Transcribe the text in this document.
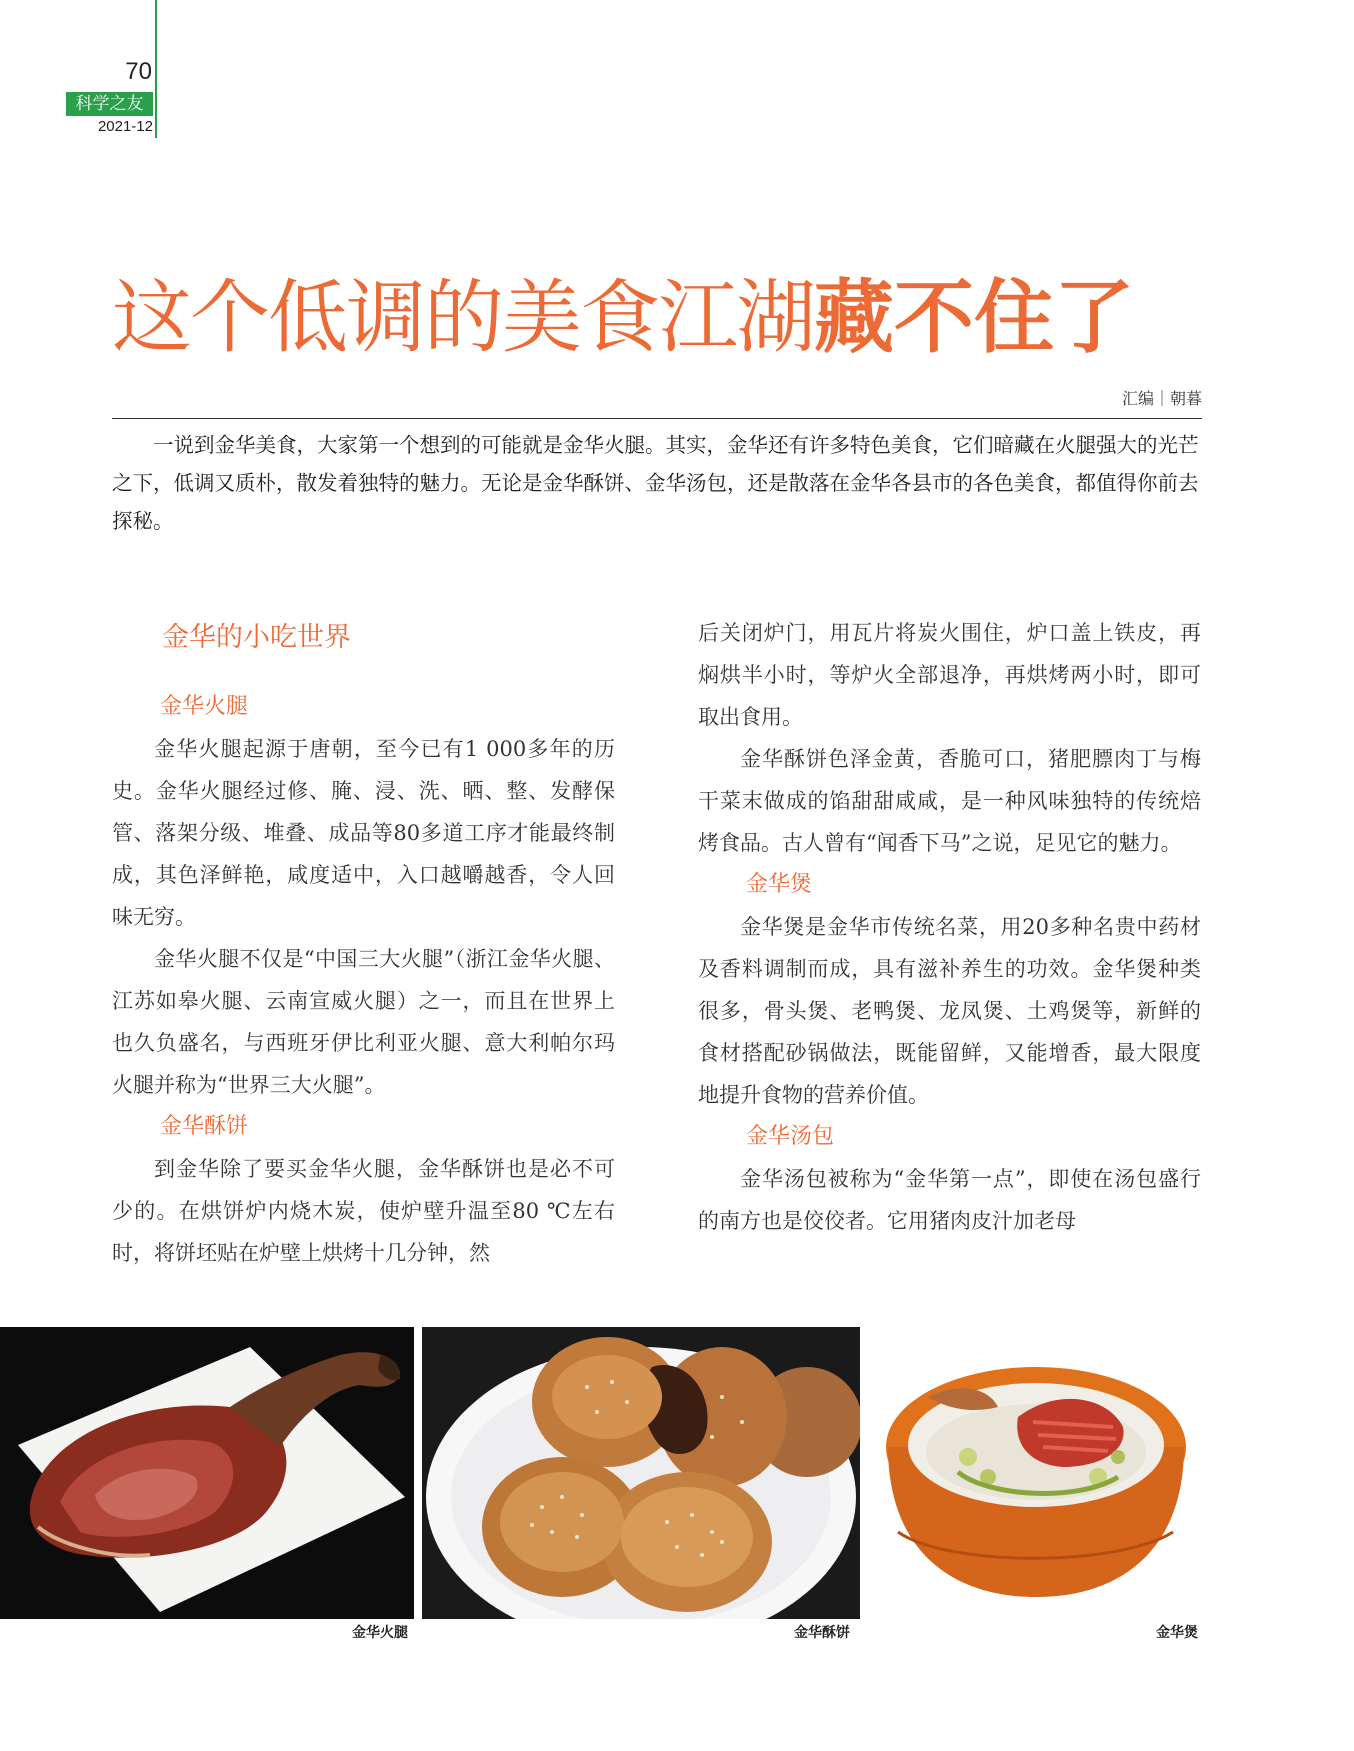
70
科学之友
2021-12
这个低调的美食江湖藏不住了
汇编｜朝暮

一说到金华美食，大家第一个想到的可能就是金华火腿。其实，金华还有许多特色美食，它们暗藏在火腿强大的光芒之下，低调又质朴，散发着独特的魅力。无论是金华酥饼、金华汤包，还是散落在金华各县市的各色美食，都值得你前去探秘。

金华的小吃世界
金华火腿

金华火腿起源于唐朝，至今已有1 000多年的历史。金华火腿经过修、腌、浸、洗、晒、整、发酵保管、落架分级、堆叠、成品等80多道工序才能最终制成，其色泽鲜艳，咸度适中，入口越嚼越香，令人回味无穷。

金华火腿不仅是“中国三大火腿”（浙江金华火腿、江苏如皋火腿、云南宣威火腿）之一，而且在世界上也久负盛名，与西班牙伊比利亚火腿、意大利帕尔玛火腿并称为“世界三大火腿”。

金华酥饼

到金华除了要买金华火腿，金华酥饼也是必不可少的。在烘饼炉内烧木炭，使炉壁升温至80 ℃左右时，将饼坯贴在炉壁上烘烤十几分钟，然

后关闭炉门，用瓦片将炭火围住，炉口盖上铁皮，再焖烘半小时，等炉火全部退净，再烘烤两小时，即可取出食用。

金华酥饼色泽金黄，香脆可口，猪肥膘肉丁与梅干菜末做成的馅甜甜咸咸，是一种风味独特的传统焙烤食品。古人曾有“闻香下马”之说，足见它的魅力。

金华煲

金华煲是金华市传统名菜，用20多种名贵中药材及香料调制而成，具有滋补养生的功效。金华煲种类很多，骨头煲、老鸭煲、龙凤煲、土鸡煲等，新鲜的食材搭配砂锅做法，既能留鲜，又能增香，最大限度地提升食物的营养价值。

金华汤包

金华汤包被称为“金华第一点”，即使在汤包盛行的南方也是佼佼者。它用猪肉皮汁加老母

金华火腿	金华酥饼	金华煲
